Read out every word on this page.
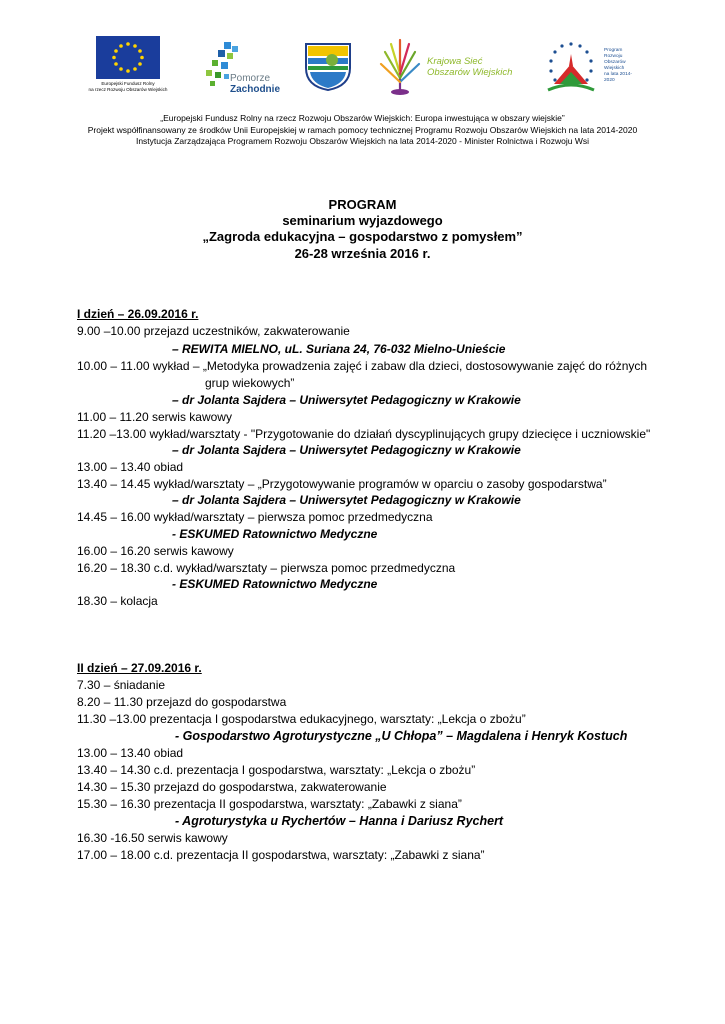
Europejski Fundusz Rolny
na rzecz Rozwoju Obszarów Wiejskich
Pomorze
Zachodnie
Krajowa Sieć
Obszarów Wiejskich
Program
Rozwoju
Obszarów
Wiejskich
na lata 2014-2020
„Europejski Fundusz Rolny na rzecz Rozwoju Obszarów Wiejskich: Europa inwestująca w obszary wiejskie”
Projekt współfinansowany ze środków Unii Europejskiej w ramach pomocy technicznej Programu Rozwoju Obszarów Wiejskich na lata 2014-2020
Instytucja Zarządzająca Programem Rozwoju Obszarów Wiejskich na lata 2014-2020 - Minister Rolnictwa i Rozwoju Wsi
PROGRAM
seminarium wyjazdowego
„Zagroda edukacyjna – gospodarstwo z pomysłem”
26-28 września 2016 r.
I dzień – 26.09.2016 r.
9.00 –10.00 przejazd uczestników, zakwaterowanie
– REWITA MIELNO, uL. Suriana 24, 76-032 Mielno-Unieście
10.00 – 11.00 wykład – „Metodyka prowadzenia zajęć i zabaw dla dzieci, dostosowywanie zajęć do różnych
grup wiekowych”
– dr Jolanta Sajdera – Uniwersytet Pedagogiczny w Krakowie
11.00 – 11.20 serwis kawowy
11.20 –13.00 wykład/warsztaty - "Przygotowanie do działań dyscyplinujących grupy dziecięce i uczniowskie"
– dr Jolanta Sajdera – Uniwersytet Pedagogiczny w Krakowie
13.00 – 13.40 obiad
13.40 – 14.45 wykład/warsztaty – „Przygotowywanie programów w oparciu o zasoby gospodarstwa”
– dr Jolanta Sajdera – Uniwersytet Pedagogiczny w Krakowie
14.45 – 16.00 wykład/warsztaty – pierwsza pomoc przedmedyczna
- ESKUMED Ratownictwo Medyczne
16.00 – 16.20 serwis kawowy
16.20 – 18.30 c.d. wykład/warsztaty – pierwsza pomoc przedmedyczna
- ESKUMED Ratownictwo Medyczne
18.30 – kolacja
II dzień – 27.09.2016 r.
7.30 – śniadanie
8.20 – 11.30 przejazd do gospodarstwa
11.30 –13.00 prezentacja I gospodarstwa edukacyjnego, warsztaty: „Lekcja o zbożu”
- Gospodarstwo Agroturystyczne „U Chłopa” – Magdalena i Henryk Kostuch
13.00 – 13.40 obiad
13.40 – 14.30 c.d. prezentacja I gospodarstwa, warsztaty: „Lekcja o zbożu”
14.30 – 15.30 przejazd do gospodarstwa, zakwaterowanie
15.30 – 16.30 prezentacja II gospodarstwa, warsztaty: „Zabawki z siana”
- Agroturystyka u Rychertów – Hanna i Dariusz Rychert
16.30 -16.50 serwis kawowy
17.00 – 18.00 c.d. prezentacja II gospodarstwa, warsztaty: „Zabawki z siana”
